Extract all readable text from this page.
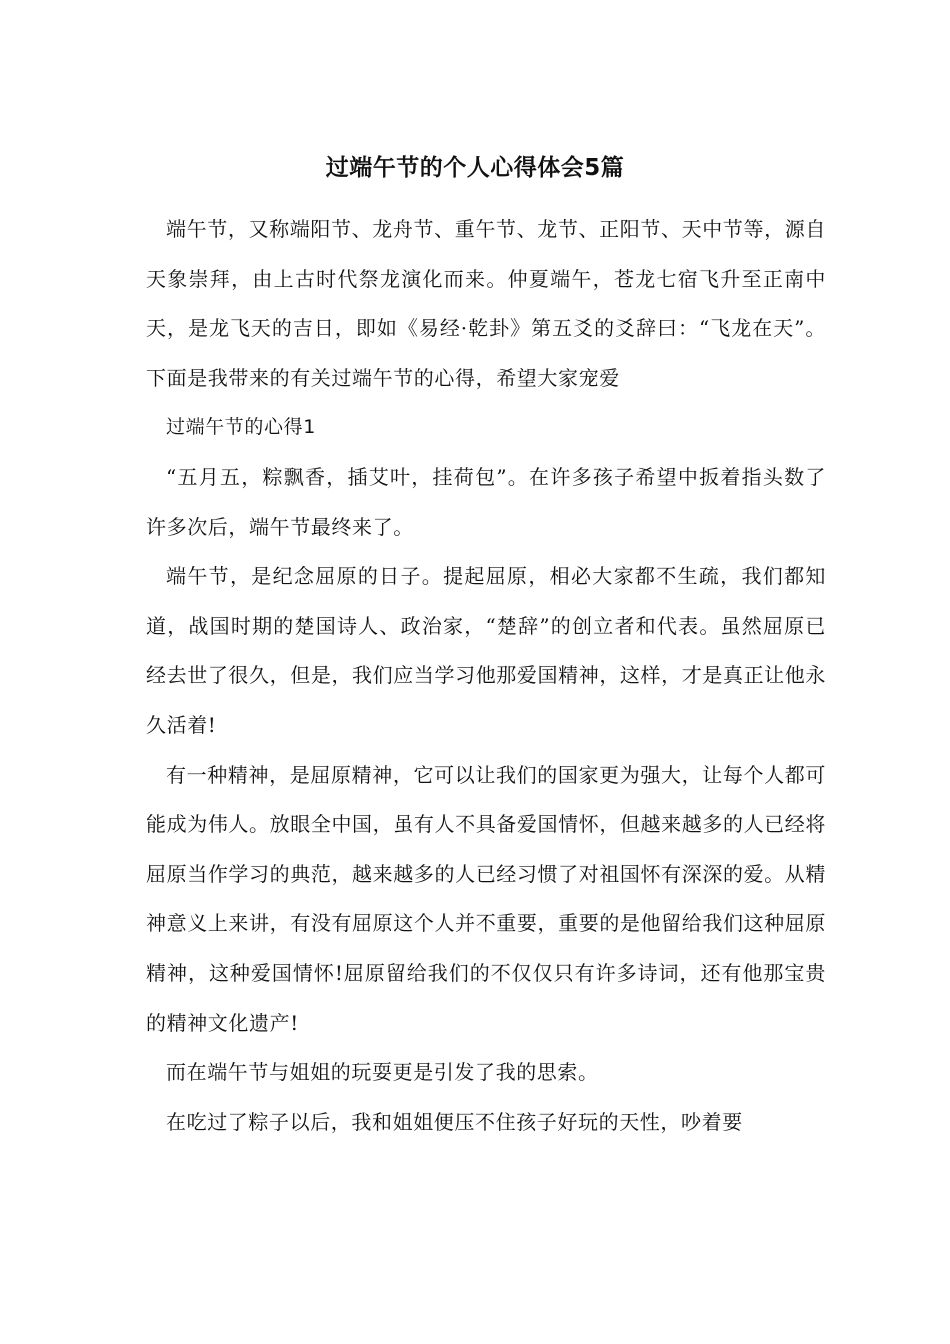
过端午节的个人心得体会5篇

端午节，又称端阳节、龙舟节、重午节、龙节、正阳节、天中节等，源自天象崇拜，由上古时代祭龙演化而来。仲夏端午，苍龙七宿飞升至正南中天，是龙飞天的吉日，即如《易经·乾卦》第五爻的爻辞曰：“飞龙在天”。下面是我带来的有关过端午节的心得，希望大家宠爱

过端午节的心得1

“五月五，粽飘香，插艾叶，挂荷包”。在许多孩子希望中扳着指头数了许多次后，端午节最终来了。

端午节，是纪念屈原的日子。提起屈原，相必大家都不生疏，我们都知道，战国时期的楚国诗人、政治家，“楚辞”的创立者和代表。虽然屈原已经去世了很久，但是，我们应当学习他那爱国精神，这样，才是真正让他永久活着!

有一种精神，是屈原精神，它可以让我们的国家更为强大，让每个人都可能成为伟人。放眼全中国，虽有人不具备爱国情怀，但越来越多的人已经将屈原当作学习的典范，越来越多的人已经习惯了对祖国怀有深深的爱。从精神意义上来讲，有没有屈原这个人并不重要，重要的是他留给我们这种屈原精神，这种爱国情怀!屈原留给我们的不仅仅只有许多诗词，还有他那宝贵的精神文化遗产!

而在端午节与姐姐的玩耍更是引发了我的思索。

在吃过了粽子以后，我和姐姐便压不住孩子好玩的天性，吵着要
